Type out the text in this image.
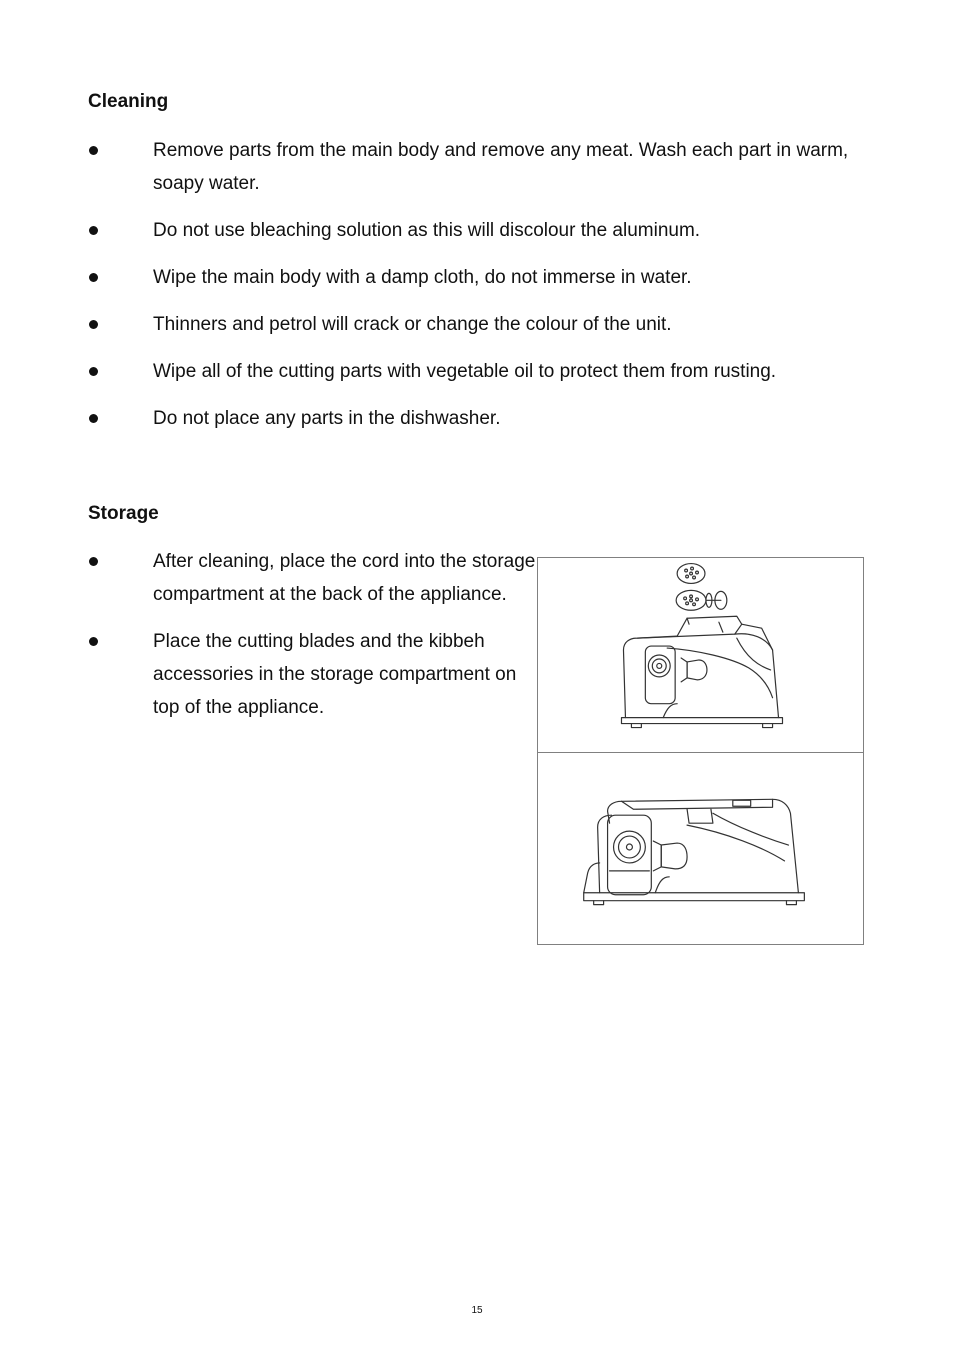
Cleaning
Remove parts from the main body and remove any meat. Wash each part in warm, soapy water.
Do not use bleaching solution as this will discolour the aluminum.
Wipe the main body with a damp cloth, do not immerse in water.
Thinners and petrol will crack or change the colour of the unit.
Wipe all of the cutting parts with vegetable oil to protect them from rusting.
Do not place any parts in the dishwasher.
Storage
After cleaning, place the cord into the storage compartment at the back of the appliance.
Place the cutting blades and the kibbeh accessories in the storage compartment on top of the appliance.
15
